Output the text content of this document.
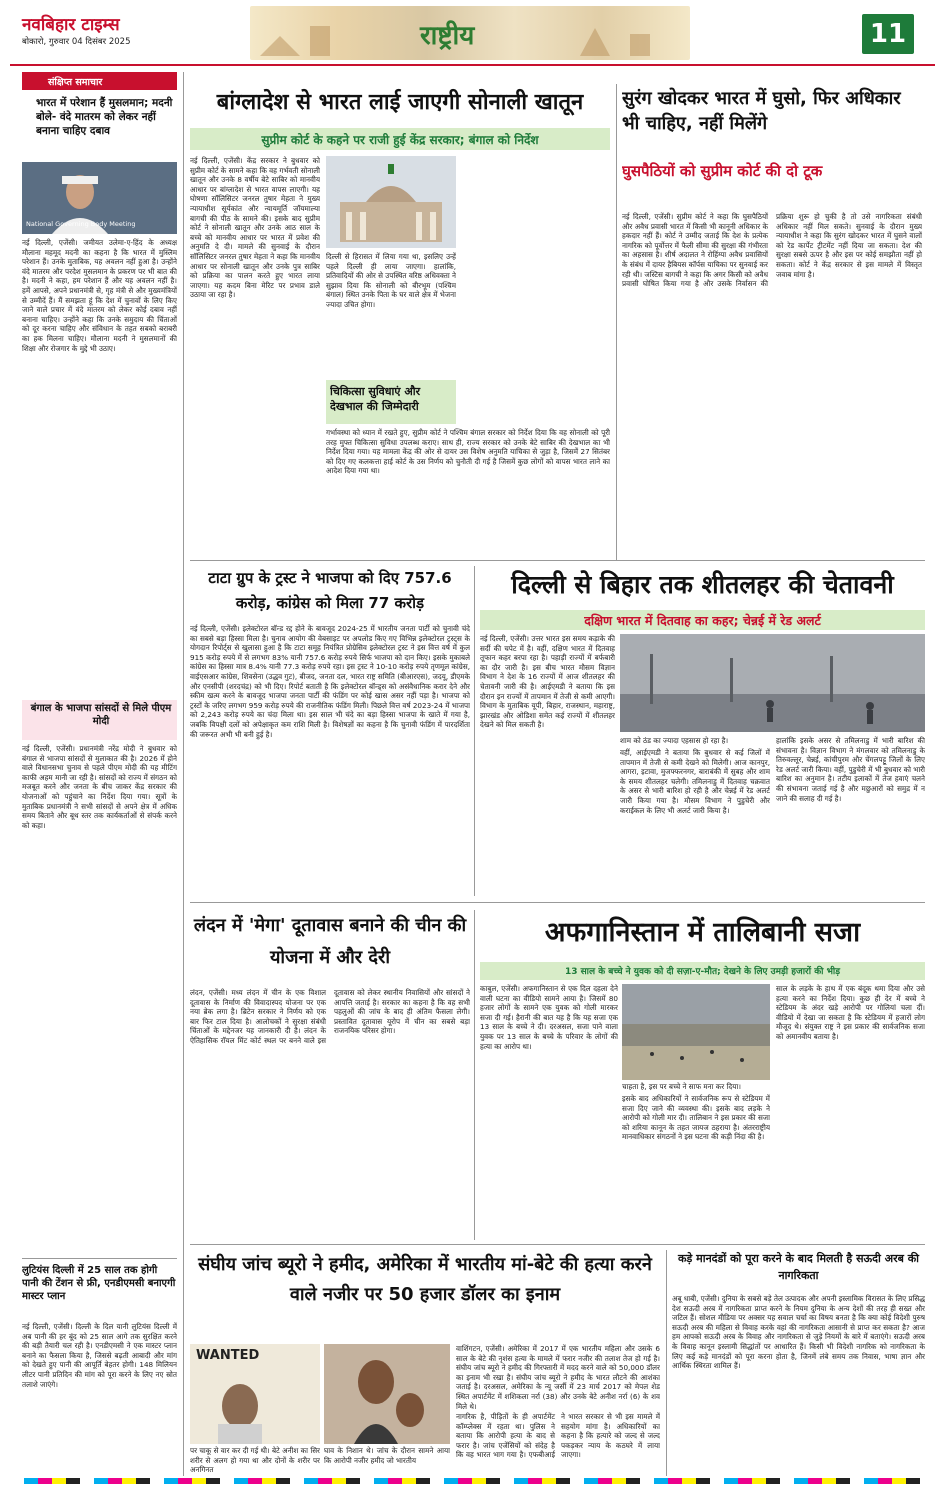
नवबिहार टाइम्स
बोकारो, गुरुवार 04 दिसंबर 2025	राष्ट्रीय	11
संक्षिप्त समाचार
भारत में परेशान हैं मुसलमान; मदनी बोले- वंदे मातरम को लेकर नहीं बनाना चाहिए दबाव
National Governing Body Meeting
नई दिल्ली, एजेंसी। जमीयत उलेमा-ए-हिंद के अध्यक्ष मौलाना महमूद मदनी का कहना है कि भारत में मुस्लिम परेशान हैं। उनके मुताबिक, यह अवलन नहीं हुआ है। उन्होंने वंदे मातरम और परदेश मुसलमान के प्रकरण पर भी बात की है। मदनी ने कहा, हम परेशान हैं और यह अवलन नहीं है। हमें आपसे, अपने प्रधानमंत्री से, गृह मंत्री से और मुख्यमंत्रियों से उम्मीदें हैं। मैं समझता हूं कि देश में चुनावों के लिए किए जाने वाले प्रचार में वंदे मातरम को लेकर कोई दबाव नहीं बनाना चाहिए। उन्होंने कहा कि उनके समुदाय की चिंताओं को दूर करना चाहिए और संविधान के तहत सबको बराबरी का हक मिलना चाहिए। मौलाना मदनी ने मुसलमानों की शिक्षा और रोजगार के मुद्दे भी उठाए।
बंगाल के भाजपा सांसदों से मिले पीएम मोदी
नई दिल्ली, एजेंसी। प्रधानमंत्री नरेंद्र मोदी ने बुधवार को बंगाल से भाजपा सांसदों से मुलाकात की है। 2026 में होने वाले विधानसभा चुनाव से पहले पीएम मोदी की यह मीटिंग काफी अहम मानी जा रही है। सांसदों को राज्य में संगठन को मजबूत करने और जनता के बीच जाकर केंद्र सरकार की योजनाओं को पहुंचाने का निर्देश दिया गया। सूत्रों के मुताबिक प्रधानमंत्री ने सभी सांसदों से अपने क्षेत्र में अधिक समय बिताने और बूथ स्तर तक कार्यकर्ताओं से संपर्क करने को कहा।
लुटियंस दिल्ली में 25 साल तक होगी पानी की टेंशन से फ्री, एनडीएमसी बनाएगी मास्टर प्लान
नई दिल्ली, एजेंसी। दिल्ली के दिल यानी लुटियंस दिल्ली में अब पानी की हर बूंद को 25 साल आगे तक सुरक्षित करने की बड़ी तैयारी चल रही है। एनडीएमसी ने एक मास्टर प्लान बनाने का फैसला किया है, जिससे बढ़ती आबादी और मांग को देखते हुए पानी की आपूर्ति बेहतर होगी। 148 मिलियन लीटर पानी प्रतिदिन की मांग को पूरा करने के लिए नए स्रोत तलाशे जाएंगे।
बांग्लादेश से भारत लाई जाएगी सोनाली खातून
सुप्रीम कोर्ट के कहने पर राजी हुई केंद्र सरकार; बंगाल को निर्देश
नई दिल्ली, एजेंसी। केंद्र सरकार ने बुधवार को सुप्रीम कोर्ट के सामने कहा कि वह गर्भवती सोनाली खातून और उनके 8 वर्षीय बेटे साबिर को मानवीय आधार पर बांग्लादेश से भारत वापस लाएगी। यह घोषणा सॉलिसिटर जनरल तुषार मेहता ने मुख्य न्यायाधीश सूर्यकांत और न्यायमूर्ति जॉयमाल्या बागची की पीठ के सामने की। इसके बाद सुप्रीम कोर्ट ने सोनाली खातून और उनके आठ साल के बच्चे को मानवीय आधार पर भारत में प्रवेश की अनुमति दे दी। मामले की सुनवाई के दौरान सॉलिसिटर जनरल तुषार मेहता ने कहा कि मानवीय आधार पर सोनाली खातून और उनके पुत्र साबिर को प्रक्रिया का पालन करते हुए भारत लाया जाएगा। यह कदम बिना मेरिट पर प्रभाव डाले उठाया जा रहा है।
दिल्ली से हिरासत में लिया गया था, इसलिए उन्हें पहले दिल्ली ही लाया जाएगा। हालांकि, प्रतिवादियों की ओर से उपस्थित वरिष्ठ अधिवक्ता ने सुझाव दिया कि सोनाली को बीरभूम (पश्चिम बंगाल) स्थित उनके पिता के घर वाले क्षेत्र में भेजना ज्यादा उचित होगा।
चिकित्सा सुविधाएं और देखभाल की जिम्मेदारी
गर्भावस्था को ध्यान में रखते हुए, सुप्रीम कोर्ट ने पश्चिम बंगाल सरकार को निर्देश दिया कि वह सोनाली को पूरी तरह मुफ्त चिकित्सा सुविधा उपलब्ध कराए। साथ ही, राज्य सरकार को उनके बेटे साबिर की देखभाल का भी निर्देश दिया गया। यह मामला केंद्र की ओर से दायर उस विशेष अनुमति याचिका से जुड़ा है, जिसमें 27 सितंबर को दिए गए कलकत्ता हाई कोर्ट के उस निर्णय को चुनौती दी गई है जिसमें कुछ लोगों को वापस भारत लाने का आदेश दिया गया था।
सुरंग खोदकर भारत में घुसो, फिर अधिकार भी चाहिए, नहीं मिलेंगे
घुसपैठियों को सुप्रीम कोर्ट की दो टूक
नई दिल्ली, एजेंसी। सुप्रीम कोर्ट ने कहा कि घुसपैठियों और अवैध प्रवासी भारत में किसी भी कानूनी अधिकार के हकदार नहीं हैं। कोर्ट ने उम्मीद जताई कि देश के प्रत्येक नागरिक को पूर्वोत्तर में फैली सीमा की सुरक्षा की गंभीरता का अहसास है। शीर्ष अदालत ने रोहिंग्या अवैध प्रवासियों के संबंध में दायर हैबियस कॉर्पस याचिका पर सुनवाई कर रही थी। जस्टिस बागची ने कहा कि अगर किसी को अवैध प्रवासी घोषित किया गया है और उसके निर्वासन की प्रक्रिया शुरू हो चुकी है तो उसे नागरिकता संबंधी अधिकार नहीं मिल सकते। सुनवाई के दौरान मुख्य न्यायाधीश ने कहा कि सुरंग खोदकर भारत में घुसने वालों को रेड कार्पेट ट्रीटमेंट नहीं दिया जा सकता। देश की सुरक्षा सबसे ऊपर है और इस पर कोई समझौता नहीं हो सकता। कोर्ट ने केंद्र सरकार से इस मामले में विस्तृत जवाब मांगा है।
टाटा ग्रुप के ट्रस्ट ने भाजपा को दिए 757.6 करोड़, कांग्रेस को मिला 77 करोड़
नई दिल्ली, एजेंसी। इलेक्टोरल बॉन्ड रद्द होने के बावजूद 2024-25 में भारतीय जनता पार्टी को चुनावी चंदे का सबसे बड़ा हिस्सा मिला है। चुनाव आयोग की वेबसाइट पर अपलोड किए गए विभिन्न इलेक्टोरल ट्रस्ट्स के योगदान रिपोर्ट्स से खुलासा हुआ है कि टाटा समूह नियंत्रित प्रोग्रेसिव इलेक्टोरल ट्रस्ट ने इस वित्त वर्ष में कुल 915 करोड़ रुपये में से लगभग 83% यानी 757.6 करोड़ रुपये सिर्फ भाजपा को दान किए। इसके मुकाबले कांग्रेस का हिस्सा मात्र 8.4% यानी 77.3 करोड़ रुपये रहा। इस ट्रस्ट ने 10-10 करोड़ रुपये तृणमूल कांग्रेस, वाईएसआर कांग्रेस, शिवसेना (उद्धव गुट), बीजद, जनता दल, भारत राष्ट्र समिति (बीआरएस), जदयू, डीएमके और एनसीपी (शरदचंद्र) को भी दिए। रिपोर्ट बताती है कि इलेक्टोरल बॉन्ड्स को असंवैधानिक करार देने और स्कीम खत्म करने के बावजूद भाजपा जनता पार्टी की फंडिंग पर कोई खास असर नहीं पड़ा है। भाजपा को ट्रस्टों के जरिए लगभग 959 करोड़ रुपये की राजनीतिक फंडिंग मिली। पिछले वित्त वर्ष 2023-24 में भाजपा को 2,243 करोड़ रुपये का चंदा मिला था। इस साल भी चंदे का बड़ा हिस्सा भाजपा के खाते में गया है, जबकि विपक्षी दलों को अपेक्षाकृत कम राशि मिली है। विशेषज्ञों का कहना है कि चुनावी फंडिंग में पारदर्शिता की जरूरत अभी भी बनी हुई है।
दिल्ली से बिहार तक शीतलहर की चेतावनी
दक्षिण भारत में दितवाह का कहर; चेन्नई में रेड अलर्ट
नई दिल्ली, एजेंसी। उत्तर भारत इस समय कड़ाके की सर्दी की चपेट में है। वहीं, दक्षिण भारत में दितवाह तूफान कहर बरपा रहा है। पहाड़ी राज्यों में बर्फबारी का दौर जारी है। इस बीच भारत मौसम विज्ञान विभाग ने देश के 16 राज्यों में आज शीतलहर की चेतावनी जारी की है। आईएमडी ने बताया कि इस दौरान इन राज्यों में तापमान में तेजी से कमी आएगी। विभाग के मुताबिक यूपी, बिहार, राजस्थान, महाराष्ट्र, झारखंड और ओडिशा समेत कई राज्यों में शीतलहर देखने को मिल सकती है।
शाम को ठंड का ज्यादा एहसास हो रहा है।
वहीं, आईएमडी ने बताया कि बुधवार से कई जिलों में तापमान में तेजी से कमी देखने को मिलेगी। आज कानपुर, आगरा, इटावा, मुजफ्फरनगर, बाराबंकी में सुबह और शाम के समय शीतलहर चलेगी। तमिलनाडु में दितवाह चक्रवात के असर से भारी बारिश हो रही है और चेन्नई में रेड अलर्ट जारी किया गया है। मौसम विभाग ने पुडुचेरी और कराईकल के लिए भी अलर्ट जारी किया है।
हालांकि इसके असर से तमिलनाडु में भारी बारिश की संभावना है। विज्ञान विभाग ने मंगलवार को तमिलनाडु के तिरुवल्लूर, चेन्नई, कांचीपुरम और चेंगलपट्टू जिलों के लिए रेड अलर्ट जारी किया। वहीं, पुडुचेरी में भी बुधवार को भारी बारिश का अनुमान है। तटीय इलाकों में तेज हवाएं चलने की संभावना जताई गई है और मछुआरों को समुद्र में न जाने की सलाह दी गई है।
लंदन में 'मेगा' दूतावास बनाने की चीन की योजना में और देरी
लंदन, एजेंसी। मध्य लंदन में चीन के एक विशाल दूतावास के निर्माण की विवादास्पद योजना पर एक नया ब्रेक लगा है। ब्रिटेन सरकार ने निर्णय को एक बार फिर टाल दिया है। आलोचकों ने सुरक्षा संबंधी चिंताओं के मद्देनजर यह जानकारी दी है। लंदन के ऐतिहासिक रॉयल मिंट कोर्ट स्थल पर बनने वाले इस दूतावास को लेकर स्थानीय निवासियों और सांसदों ने आपत्ति जताई है। सरकार का कहना है कि वह सभी पहलुओं की जांच के बाद ही अंतिम फैसला लेगी। प्रस्तावित दूतावास यूरोप में चीन का सबसे बड़ा राजनयिक परिसर होगा।
अफगानिस्तान में तालिबानी सजा
13 साल के बच्चे ने युवक को दी सज़ा-ए-मौत; देखने के लिए उमड़ी हजारों की भीड़
काबुल, एजेंसी। अफगानिस्तान से एक दिल दहला देने वाली घटना का वीडियो सामने आया है। जिसमें 80 हजार लोगों के सामने एक युवक को गोली मारकर सजा दी गई। हैरानी की बात यह है कि यह सजा एक 13 साल के बच्चे ने दी। दरअसल, सजा पाने वाला युवक पर 13 साल के बच्चे के परिवार के लोगों की हत्या का आरोप था।
चाहता है, इस पर बच्चे ने साफ मना कर दिया।
इसके बाद अधिकारियों ने सार्वजनिक रूप से स्टेडियम में सजा दिए जाने की व्यवस्था की। इसके बाद लड़के ने आरोपी को गोली मार दी। तालिबान ने इस प्रकार की सजा को शरिया कानून के तहत जायज ठहराया है। अंतरराष्ट्रीय मानवाधिकार संगठनों ने इस घटना की कड़ी निंदा की है।
साल के लड़के के हाथ में एक बंदूक थमा दिया और उसे हत्या करने का निर्देश दिया। कुछ ही देर में बच्चे ने स्टेडियम के अंदर खड़े आरोपी पर गोलियां चला दीं। वीडियो में देखा जा सकता है कि स्टेडियम में हजारों लोग मौजूद थे। संयुक्त राष्ट्र ने इस प्रकार की सार्वजनिक सजा को अमानवीय बताया है।
संघीय जांच ब्यूरो ने हमीद, अमेरिका में भारतीय मां-बेटे की हत्या करने वाले नजीर पर 50 हजार डॉलर का इनाम
WANTED
पर चाकू से वार कर दी गई थी। बेटे अनीश का सिर शरीर से अलग हो गया था और दोनों के शरीर पर अनगिनत
घाव के निशान थे। जांच के दौरान सामने आया कि आरोपी नजीर हमीद जो भारतीय
वाशिंगटन, एजेंसी। अमेरिका में 2017 में एक भारतीय महिला और उसके 6 साल के बेटे की नृशंस हत्या के मामले में फरार नजीर की तलाश तेज हो गई है। संघीय जांच ब्यूरो ने हमीद की गिरफ्तारी में मदद करने वाले को 50,000 डॉलर का इनाम भी रखा है। संघीय जांच ब्यूरो ने हमीद के भारत लौटने की आशंका जताई है। दरअसल, अमेरिका के न्यू जर्सी में 23 मार्च 2017 को मेपल शेड स्थित अपार्टमेंट में शशिकला नर्रा (38) और उनके बेटे अनीश नर्रा (6) के शव मिले थे।
नागरिक है, पीड़ितों के ही अपार्टमेंट कॉम्प्लेक्स में रहता था। पुलिस ने बताया कि आरोपी हत्या के बाद से फरार है। जांच एजेंसियों को संदेह है कि वह भारत भाग गया है। एफबीआई ने भारत सरकार से भी इस मामले में सहयोग मांगा है। अधिकारियों का कहना है कि हत्यारे को जल्द से जल्द पकड़कर न्याय के कठघरे में लाया जाएगा।
कड़े मानदंडों को पूरा करने के बाद मिलती है सऊदी अरब की नागरिकता
अबू धाबी, एजेंसी। दुनिया के सबसे बड़े तेल उत्पादक और अपनी इस्लामिक विरासत के लिए प्रसिद्ध देश सऊदी अरब में नागरिकता प्राप्त करने के नियम दुनिया के अन्य देशों की तरह ही सख्त और जटिल हैं। सोशल मीडिया पर अक्सर यह सवाल चर्चा का विषय बनता है कि क्या कोई विदेशी पुरुष सऊदी अरब की महिला से विवाह करके वहां की नागरिकता आसानी से प्राप्त कर सकता है? आज हम आपको सऊदी अरब के विवाह और नागरिकता से जुड़े नियमों के बारे में बताएंगे। सऊदी अरब के विवाह कानून इस्लामी सिद्धांतों पर आधारित हैं। किसी भी विदेशी नागरिक को नागरिकता के लिए कई कड़े मानदंडों को पूरा करना होता है, जिनमें लंबे समय तक निवास, भाषा ज्ञान और आर्थिक स्थिरता शामिल हैं।
